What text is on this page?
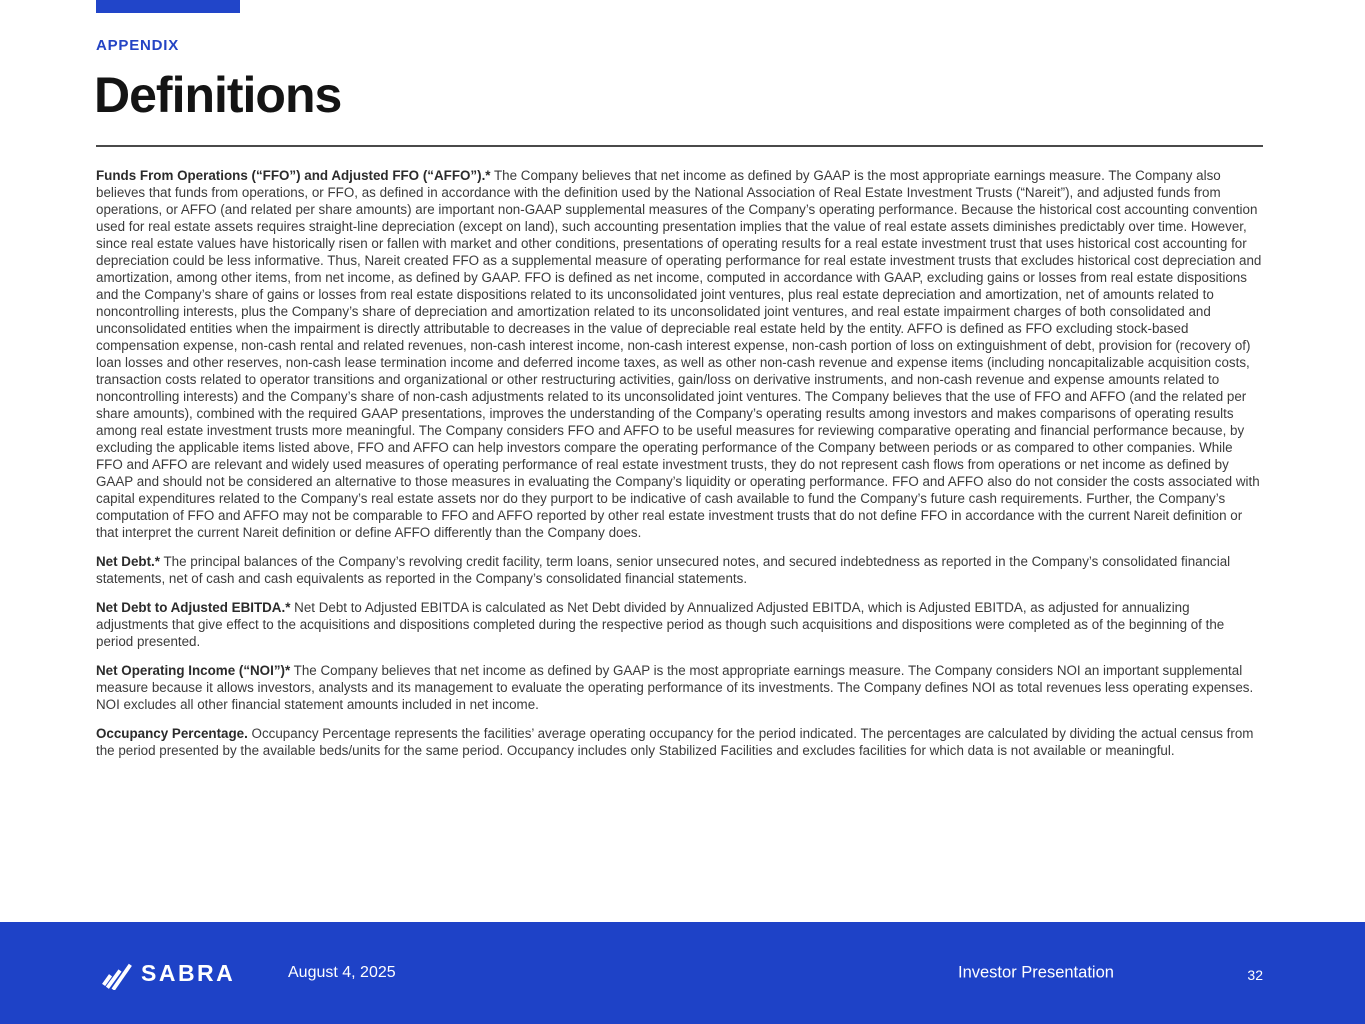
APPENDIX
Definitions

Funds From Operations (“FFO”) and Adjusted FFO (“AFFO”).* The Company believes that net income as defined by GAAP is the most appropriate earnings measure. The Company also believes that funds from operations, or FFO, as defined in accordance with the definition used by the National Association of Real Estate Investment Trusts (“Nareit”), and adjusted funds from operations, or AFFO (and related per share amounts) are important non-GAAP supplemental measures of the Company’s operating performance. Because the historical cost accounting convention used for real estate assets requires straight-line depreciation (except on land), such accounting presentation implies that the value of real estate assets diminishes predictably over time. However, since real estate values have historically risen or fallen with market and other conditions, presentations of operating results for a real estate investment trust that uses historical cost accounting for depreciation could be less informative. Thus, Nareit created FFO as a supplemental measure of operating performance for real estate investment trusts that excludes historical cost depreciation and amortization, among other items, from net income, as defined by GAAP. FFO is defined as net income, computed in accordance with GAAP, excluding gains or losses from real estate dispositions and the Company’s share of gains or losses from real estate dispositions related to its unconsolidated joint ventures, plus real estate depreciation and amortization, net of amounts related to noncontrolling interests, plus the Company’s share of depreciation and amortization related to its unconsolidated joint ventures, and real estate impairment charges of both consolidated and unconsolidated entities when the impairment is directly attributable to decreases in the value of depreciable real estate held by the entity. AFFO is defined as FFO excluding stock-based compensation expense, non-cash rental and related revenues, non-cash interest income, non-cash interest expense, non-cash portion of loss on extinguishment of debt, provision for (recovery of) loan losses and other reserves, non-cash lease termination income and deferred income taxes, as well as other non-cash revenue and expense items (including noncapitalizable acquisition costs, transaction costs related to operator transitions and organizational or other restructuring activities, gain/loss on derivative instruments, and non-cash revenue and expense amounts related to noncontrolling interests) and the Company’s share of non-cash adjustments related to its unconsolidated joint ventures. The Company believes that the use of FFO and AFFO (and the related per share amounts), combined with the required GAAP presentations, improves the understanding of the Company’s operating results among investors and makes comparisons of operating results among real estate investment trusts more meaningful. The Company considers FFO and AFFO to be useful measures for reviewing comparative operating and financial performance because, by excluding the applicable items listed above, FFO and AFFO can help investors compare the operating performance of the Company between periods or as compared to other companies. While FFO and AFFO are relevant and widely used measures of operating performance of real estate investment trusts, they do not represent cash flows from operations or net income as defined by GAAP and should not be considered an alternative to those measures in evaluating the Company’s liquidity or operating performance. FFO and AFFO also do not consider the costs associated with capital expenditures related to the Company’s real estate assets nor do they purport to be indicative of cash available to fund the Company’s future cash requirements. Further, the Company’s computation of FFO and AFFO may not be comparable to FFO and AFFO reported by other real estate investment trusts that do not define FFO in accordance with the current Nareit definition or that interpret the current Nareit definition or define AFFO differently than the Company does.

Net Debt.* The principal balances of the Company’s revolving credit facility, term loans, senior unsecured notes, and secured indebtedness as reported in the Company’s consolidated financial statements, net of cash and cash equivalents as reported in the Company’s consolidated financial statements.

Net Debt to Adjusted EBITDA.* Net Debt to Adjusted EBITDA is calculated as Net Debt divided by Annualized Adjusted EBITDA, which is Adjusted EBITDA, as adjusted for annualizing adjustments that give effect to the acquisitions and dispositions completed during the respective period as though such acquisitions and dispositions were completed as of the beginning of the period presented.

Net Operating Income (“NOI”)* The Company believes that net income as defined by GAAP is the most appropriate earnings measure. The Company considers NOI an important supplemental measure because it allows investors, analysts and its management to evaluate the operating performance of its investments. The Company defines NOI as total revenues less operating expenses. NOI excludes all other financial statement amounts included in net income.

Occupancy Percentage. Occupancy Percentage represents the facilities’ average operating occupancy for the period indicated. The percentages are calculated by dividing the actual census from the period presented by the available beds/units for the same period. Occupancy includes only Stabilized Facilities and excludes facilities for which data is not available or meaningful.

SABRA	August 4, 2025	Investor Presentation	32
